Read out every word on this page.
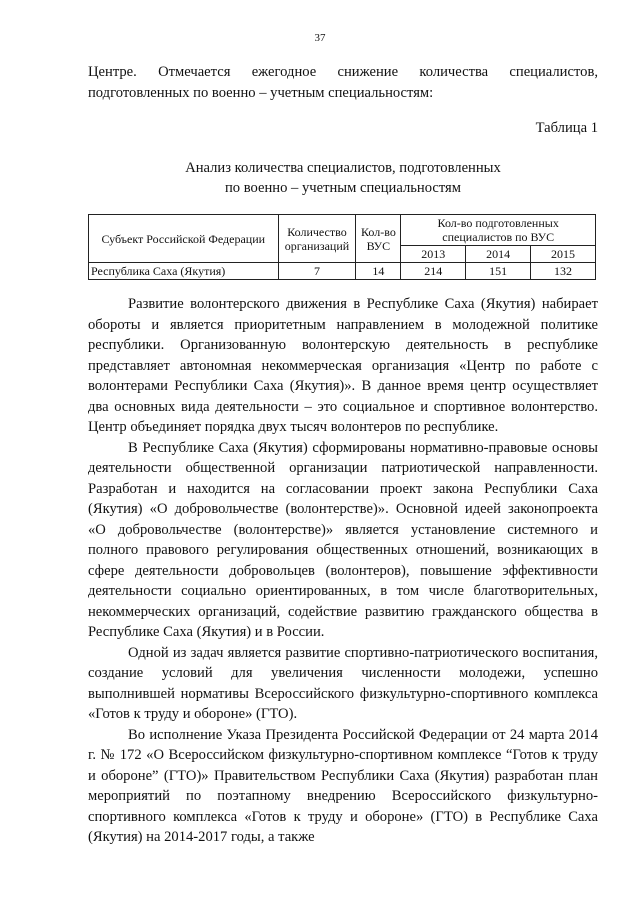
37

Центре. Отмечается ежегодное снижение количества специалистов, подготовленных по военно – учетным специальностям:

Таблица 1
Анализ количества специалистов, подготовленных
по военно – учетным специальностям
Субъект Российской Федерации	Количество организаций	Кол-во ВУС	Кол-во подготовленных специалистов по ВУС		
			2013	2014	2015
Республика Саха (Якутия)	7	14	214	151	132

Развитие волонтерского движения в Республике Саха (Якутия) набирает обороты и является приоритетным направлением в молодежной политике республики. Организованную волонтерскую деятельность в республике представляет автономная некоммерческая организация «Центр по работе с волонтерами Республики Саха (Якутия)». В данное время центр осуществляет два основных вида деятельности – это социальное и спортивное волонтерство. Центр объединяет порядка двух тысяч волонтеров по республике.

В Республике Саха (Якутия) сформированы нормативно-правовые основы деятельности общественной организации патриотической направленности. Разработан и находится на согласовании проект закона Республики Саха (Якутия) «О добровольчестве (волонтерстве)». Основной идеей законопроекта «О добровольчестве (волонтерстве)» является установление системного и полного правового регулирования общественных отношений, возникающих в сфере деятельности добровольцев (волонтеров), повышение эффективности деятельности социально ориентированных, в том числе благотворительных, некоммерческих организаций, содействие развитию гражданского общества в Республике Саха (Якутия) и в России.

Одной из задач является развитие спортивно-патриотического воспитания, создание условий для увеличения численности молодежи, успешно выполнившей нормативы Всероссийского физкультурно-спортивного комплекса «Готов к труду и обороне» (ГТО).

Во исполнение Указа Президента Российской Федерации от 24 марта 2014 г. № 172 «О Всероссийском физкультурно-спортивном комплексе “Готов к труду и обороне” (ГТО)» Правительством Республики Саха (Якутия) разработан план мероприятий по поэтапному внедрению Всероссийского физкультурно-спортивного комплекса «Готов к труду и обороне» (ГТО) в Республике Саха (Якутия) на 2014-2017 годы, а также
